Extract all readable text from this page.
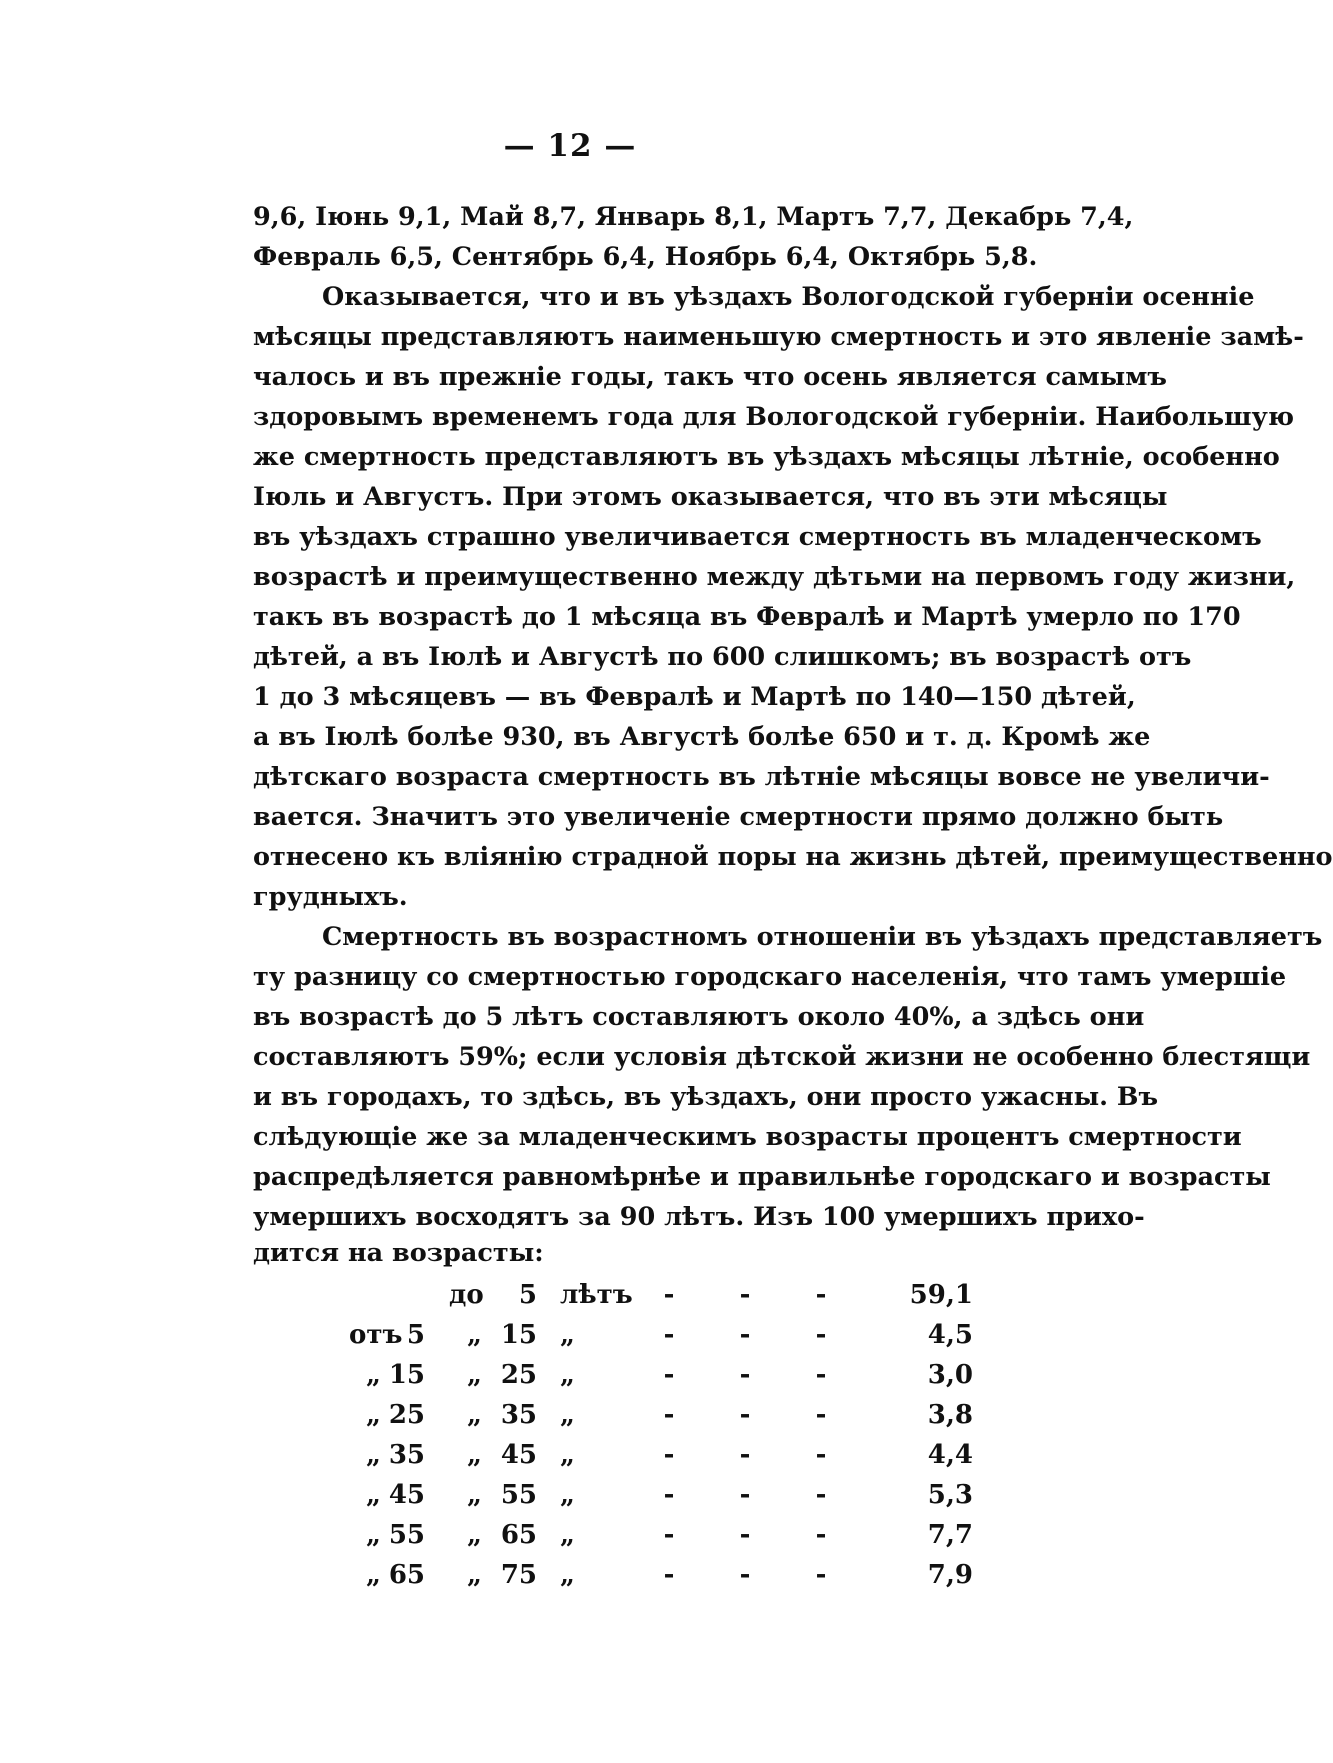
— 12 —
9,6, Іюнь 9,1, Май 8,7, Январь 8,1, Мартъ 7,7, Декабрь 7,4,
Февраль 6,5, Сентябрь 6,4, Ноябрь 6,4, Октябрь 5,8.
Оказывается, что и въ уѣздахъ Вологодской губерніи осенніе
мѣсяцы представляютъ наименьшую смертность и это явленіе замѣ-
чалось и въ прежніе годы, такъ что осень является самымъ
здоровымъ временемъ года для Вологодской губерніи. Наибольшую
же смертность представляютъ въ уѣздахъ мѣсяцы лѣтніе, особенно
Іюль и Августъ. При этомъ оказывается, что въ эти мѣсяцы
въ уѣздахъ страшно увеличивается смертность въ младенческомъ
возрастѣ и преимущественно между дѣтьми на первомъ году жизни,
такъ въ возрастѣ до 1 мѣсяца въ Февралѣ и Мартѣ умерло по 170
дѣтей, а въ Іюлѣ и Августѣ по 600 слишкомъ; въ возрастѣ отъ
1 до 3 мѣсяцевъ — въ Февралѣ и Мартѣ по 140—150 дѣтей,
а въ Іюлѣ болѣе 930, въ Августѣ болѣе 650 и т. д. Кромѣ же
дѣтскаго возраста смертность въ лѣтніе мѣсяцы вовсе не увеличи-
вается. Значитъ это увеличеніе смертности прямо должно быть
отнесено къ вліянію страдной поры на жизнь дѣтей, преимущественно
грудныхъ.
Смертность въ возрастномъ отношеніи въ уѣздахъ представляетъ
ту разницу со смертностью городскаго населенія, что тамъ умершіе
въ возрастѣ до 5 лѣтъ составляютъ около 40%, а здѣсь они
составляютъ 59%; если условія дѣтской жизни не особенно блестящи
и въ городахъ, то здѣсь, въ уѣздахъ, они просто ужасны. Въ
слѣдующіе же за младенческимъ возрасты процентъ смертности
распредѣляется равномѣрнѣе и правильнѣе городскаго и возрасты
умершихъ восходятъ за 90 лѣтъ. Изъ 100 умершихъ прихо-
дится на возрасты:
до	5 лѣтъ -	-	-	59,1
отъ 5	„ 15 „	-	-	-	4,5
„ 15	„ 25 „	-	-	-	3,0
„ 25	„ 35 „	-	-	-	3,8
„ 35	„ 45 „	-	-	-	4,4
„ 45	„ 55 „	-	-	-	5,3
„ 55	„ 65 „	-	-	-	7,7
„ 65	„ 75 „	-	-	-	7,9
